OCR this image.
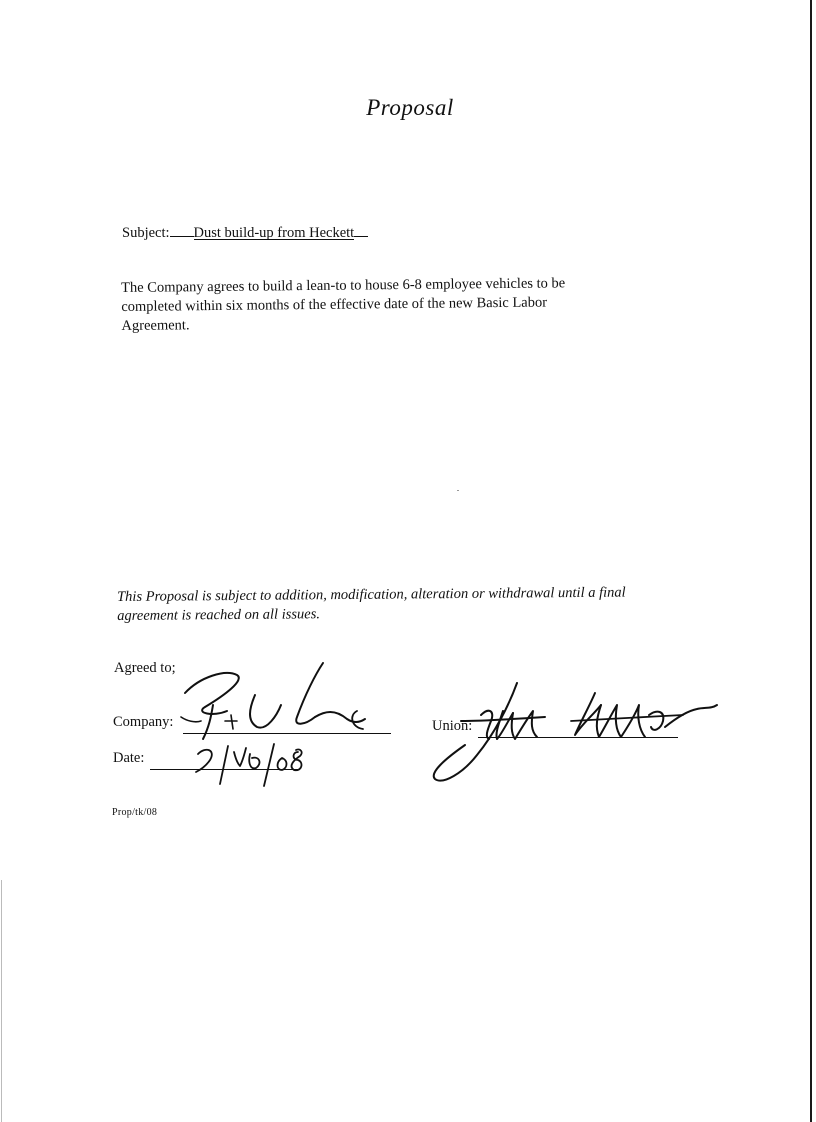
Proposal
Subject: Dust build-up from Heckett
The Company agrees to build a lean-to to house 6-8 employee vehicles to be
completed within six months of the effective date of the new Basic Labor
Agreement.
This Proposal is subject to addition, modification, alteration or withdrawal until a final
agreement is reached on all issues.
Agreed to;
Company:
Date:
Union:
Prop/tk/08
